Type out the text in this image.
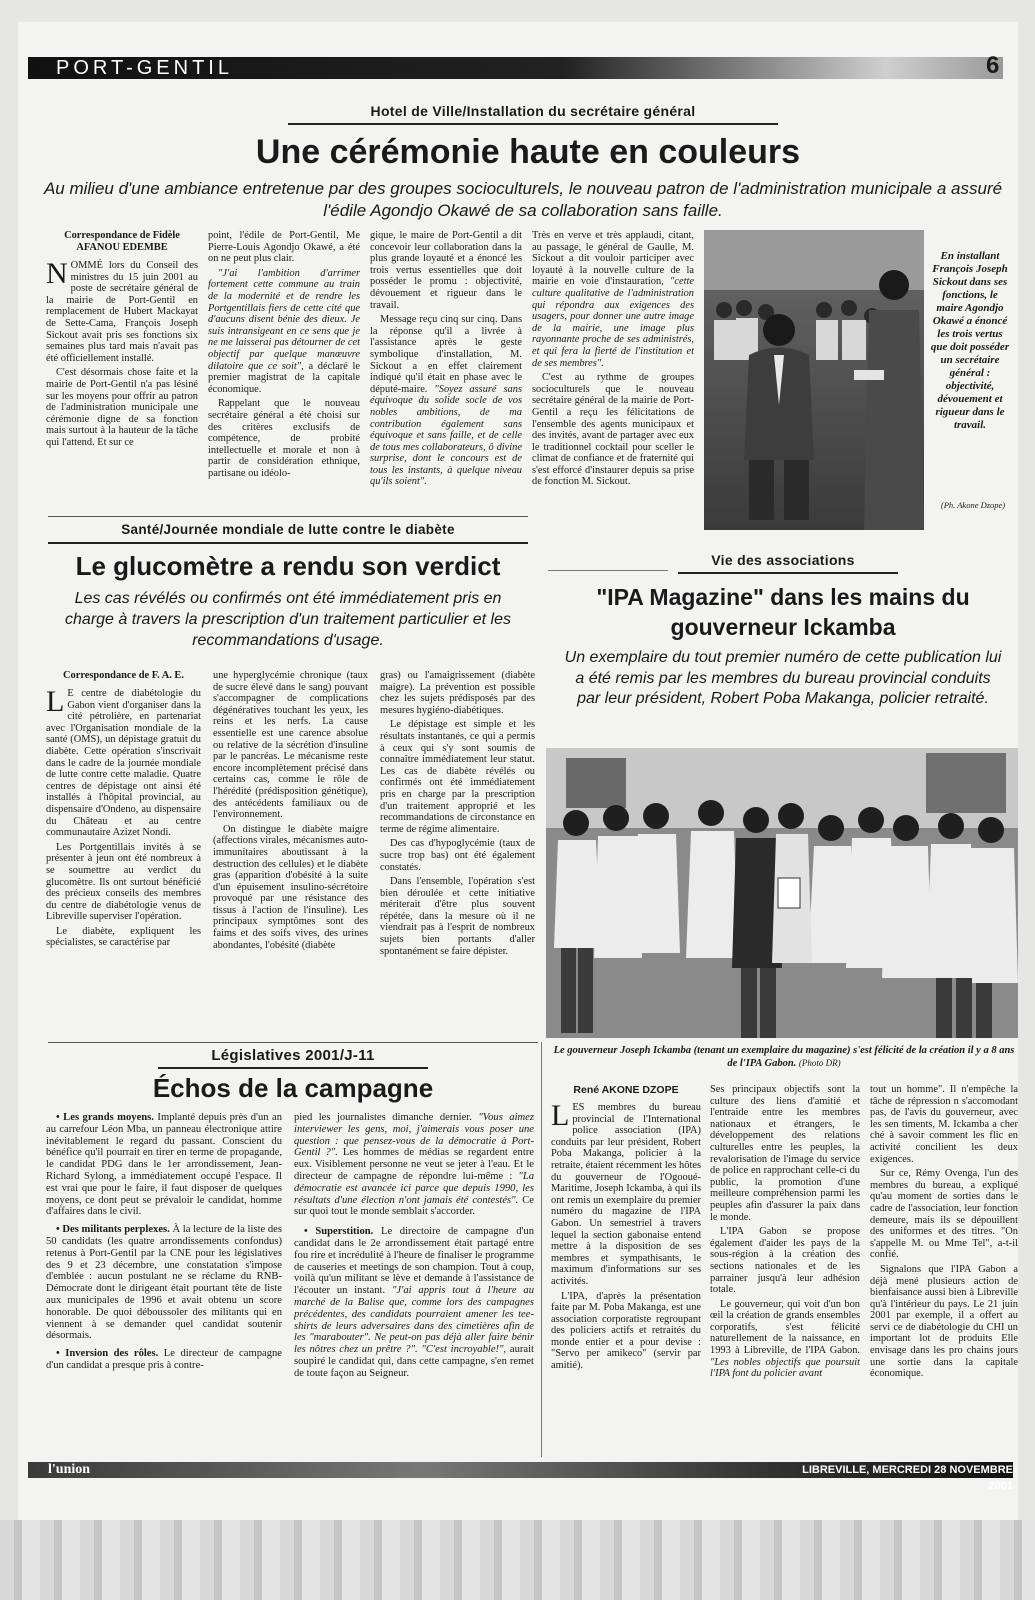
PORT-GENTIL	6
Hotel de Ville/Installation du secrétaire général
Une cérémonie haute en couleurs
Au milieu d'une ambiance entretenue par des groupes socioculturels, le nouveau patron de l'administration municipale a assuré l'édile Agondjo Okawé de sa collaboration sans faille.
Correspondance de Fidèle AFANOU EDEMBE

NOMMÉ lors du Conseil des ministres du 15 juin 2001 au poste de secrétaire général de la mairie de Port-Gentil en remplacement de Hubert Mackayat de Sette-Cama, François Joseph Sickout avait pris ses fonctions six semaines plus tard mais n'avait pas été officiellement installé.

C'est désormais chose faite et la mairie de Port-Gentil n'a pas lésiné sur les moyens pour offrir au patron de l'administration municipale une cérémonie digne de sa fonction mais surtout à la hauteur de la tâche qui l'attend. Et sur ce

point, l'édile de Port-Gentil, Me Pierre-Louis Agondjo Okawé, a été on ne peut plus clair.

"J'ai l'ambition d'arrimer fortement cette commune au train de la modernité et de rendre les Portgentillais fiers de cette cité que d'aucuns disent bénie des dieux. Je suis intransigeant en ce sens que je ne me laisserai pas détourner de cet objectif par quelque manœuvre dilatoire que ce soit", a déclaré le premier magistrat de la capitale économique.

Rappelant que le nouveau secrétaire général a été choisi sur des critères exclusifs de compétence, de probité intellectuelle et morale et non à partir de considération ethnique, partisane ou idéolo-

gique, le maire de Port-Gentil a dit concevoir leur collaboration dans la plus grande loyauté et a énoncé les trois vertus essentielles que doit posséder le promu : objectivité, dévouement et rigueur dans le travail.

Message reçu cinq sur cinq. Dans la réponse qu'il a livrée à l'assistance après le geste symbolique d'installation, M. Sickout a en effet clairement indiqué qu'il était en phase avec le député-maire. "Soyez assuré sans équivoque du solide socle de vos nobles ambitions, de ma contribution également sans équivoque et sans faille, et de celle de tous mes collaborateurs, ô divine surprise, dont le concours est de tous les instants, à quelque niveau qu'ils soient".

Très en verve et très applaudi, citant, au passage, le général de Gaulle, M. Sickout a dit vouloir participer avec loyauté à la nouvelle culture de la mairie en voie d'instauration, "cette culture qualitative de l'administration qui répondra aux exigences des usagers, pour donner une autre image de la mairie, une image plus rayonnante proche de ses administrés, et qui fera la fierté de l'institution et de ses membres".

C'est au rythme de groupes socioculturels que le nouveau secrétaire général de la mairie de Port-Gentil a reçu les félicitations de l'ensemble des agents municipaux et des invités, avant de partager avec eux le traditionnel cocktail pour sceller le climat de confiance et de fraternité qui s'est efforcé d'instaurer depuis sa prise de fonction M. Sickout.

En installant François Joseph Sickout dans ses fonctions, le maire Agondjo Okawé a énoncé les trois vertus que doit posséder un secrétaire général : objectivité, dévouement et rigueur dans le travail.
(Ph. Akone Dzope)
Santé/Journée mondiale de lutte contre le diabète
Le glucomètre a rendu son verdict
Les cas révélés ou confirmés ont été immédiatement pris en charge à travers la prescription d'un traitement particulier et les recommandations d'usage.
Correspondance de F. A. E.

L E centre de diabétologie du Gabon vient d'organiser dans la cité pétrolière, en partenariat avec l'Organisation mondiale de la santé (OMS), un dépistage gratuit du diabète. Cette opération s'inscrivait dans le cadre de la journée mondiale de lutte contre cette maladie. Quatre centres de dépistage ont ainsi été installés à l'hôpital provincial, au dispensaire d'Ondeno, au dispensaire du Château et au centre communautaire Azizet Nondi.

Les Portgentillais invités à se présenter à jeun ont été nombreux à se soumettre au verdict du glucomètre. Ils ont surtout bénéficié des précieux conseils des membres du centre de diabétologie venus de Libreville superviser l'opération.

Le diabète, expliquent les spécialistes, se caractérise par

une hyperglycémie chronique (taux de sucre élevé dans le sang) pouvant s'accompagner de complications dégénératives touchant les yeux, les reins et les nerfs. La cause essentielle est une carence absolue ou relative de la sécrétion d'insuline par le pancréas. Le mécanisme reste encore incomplètement précisé dans certains cas, comme le rôle de l'hérédité (prédisposition génétique), des antécédents familiaux ou de l'environnement.

On distingue le diabète maigre (affections virales, mécanismes auto-immunitaires aboutissant à la destruction des cellules) et le diabète gras (apparition d'obésité à la suite d'un épuisement insulino-sécrétoire provoqué par une résistance des tissus à l'action de l'insuline). Les principaux symptômes sont des faims et des soifs vives, des urines abondantes, l'obésité (diabète

gras) ou l'amaigrissement (diabète maigre). La prévention est possible chez les sujets prédisposés par des mesures hygiéno-diabétiques.

Le dépistage est simple et les résultats instantanés, ce qui a permis à ceux qui s'y sont soumis de connaître immédiatement leur statut. Les cas de diabète révélés ou confirmés ont été immédiatement pris en charge par la prescription d'un traitement approprié et les recommandations de circonstance en terme de régime alimentaire.

Des cas d'hypoglycémie (taux de sucre trop bas) ont été également constatés.

Dans l'ensemble, l'opération s'est bien déroulée et cette initiative mériterait d'être plus souvent répétée, dans la mesure où il ne viendrait pas à l'esprit de nombreux sujets bien portants d'aller spontanément se faire dépister.

Vie des associations
"IPA Magazine" dans les mains du gouverneur Ickamba
Un exemplaire du tout premier numéro de cette publication lui a été remis par les membres du bureau provincial conduits par leur président, Robert Poba Makanga, policier retraité.
Le gouverneur Joseph Ickamba (tenant un exemplaire du magazine) s'est félicité de la création il y a 8 ans de l'IPA Gabon. (Photo DR)
René AKONE DZOPE

LES membres du bureau provincial de l'International police association (IPA) conduits par leur président, Robert Poba Makanga, policier à la retraite, étaient récemment les hôtes du gouverneur de l'Ogooué-Maritime, Joseph Ickamba, à qui ils ont remis un exemplaire du premier numéro du magazine de l'IPA Gabon. Un semestriel à travers lequel la section gabonaise entend mettre à la disposition de ses membres et sympathisants, le maximum d'informations sur ses activités.

L'IPA, d'après la présentation faite par M. Poba Makanga, est une association corporatiste regroupant des policiers actifs et retraités du monde entier et a pour devise : "Servo per amikeco" (servir par amitié).

Ses principaux objectifs sont la culture des liens d'amitié et l'entraide entre les membres nationaux et étrangers, le développement des relations culturelles entre les peuples, la revalorisation de l'image du service de police en rapprochant celle-ci du public, la promotion d'une meilleure compréhension parmi les peuples afin d'assurer la paix dans le monde.

L'IPA Gabon se propose également d'aider les pays de la sous-région à la création des sections nationales et de les parrainer jusqu'à leur adhésion totale.

Le gouverneur, qui voit d'un bon œil la création de grands ensembles corporatifs, s'est félicité naturellement de la naissance, en 1993 à Libreville, de l'IPA Gabon. "Les nobles objectifs que poursuit l'IPA font du policier avant

tout un homme". Il n'empêche la tâche de répression n s'accomodant pas, de l'avis du gouverneur, avec les sen timents, M. Ickamba a cher ché à savoir comment les flic en activité concilient les deux exigences.

Sur ce, Rémy Ovenga, l'un des membres du bureau, a expliqué qu'au moment de sorties dans le cadre de l'association, leur fonction demeure, mais ils se dépouillent des uniformes et des titres. "On s'appelle M. ou Mme Tel", a-t-il confié.

Signalons que l'IPA Gabon a déjà mené plusieurs action de bienfaisance aussi bien à Libreville qu'à l'intérieur du pays. Le 21 juin 2001 par exemple, il a offert au servi ce de diabétologie du CHI un important lot de produits Elle envisage dans les pro chains jours une sortie dans la capitale économique.

Législatives 2001/J-11
Échos de la campagne

• Les grands moyens. Implanté depuis près d'un an au carrefour Léon Mba, un panneau électronique attire inévitablement le regard du passant. Conscient du bénéfice qu'il pourrait en tirer en terme de propagande, le candidat PDG dans le 1er arrondissement, Jean-Richard Sylong, a immédiatement occupé l'espace. Il est vrai que pour le faire, il faut disposer de quelques moyens, ce dont peut se prévaloir le candidat, homme d'affaires dans le civil.

• Des militants perplexes. À la lecture de la liste des 50 candidats (les quatre arrondissements confondus) retenus à Port-Gentil par la CNE pour les législatives des 9 et 23 décembre, une constatation s'impose d'emblée : aucun postulant ne se réclame du RNB-Démocrate dont le dirigeant était pourtant tête de liste aux municipales de 1996 et avait obtenu un score honorable. De quoi déboussoler des militants qui en viennent à se demander quel candidat soutenir désormais.

• Inversion des rôles. Le directeur de campagne d'un candidat a presque pris à contre-

pied les journalistes dimanche dernier. "Vous aimez interviewer les gens, moi, j'aimerais vous poser une question : que pensez-vous de la démocratie à Port-Gentil ?". Les hommes de médias se regardent entre eux. Visiblement personne ne veut se jeter à l'eau. Et le directeur de campagne de répondre lui-même : "La démocratie est avancée ici parce que depuis 1990, les résultats d'une élection n'ont jamais été contestés". Ce sur quoi tout le monde semblait s'accorder.

• Superstition. Le directoire de campagne d'un candidat dans le 2e arrondissement était partagé entre fou rire et incrédulité à l'heure de finaliser le programme de causeries et meetings de son champion. Tout à coup, voilà qu'un militant se lève et demande à l'assistance de l'écouter un instant. "J'ai appris tout à l'heure au marché de la Balise que, comme lors des campagnes précédentes, des candidats pourraient amener les tee-shirts de leurs adversaires dans des cimetières afin de les "marabouter". Ne peut-on pas déjà aller faire bénir les nôtres chez un prêtre ?". "C'est incroyable!", aurait soupiré le candidat qui, dans cette campagne, s'en remet de toute façon au Seigneur.

l'union	LIBREVILLE, MERCREDI 28 NOVEMBRE 2001
